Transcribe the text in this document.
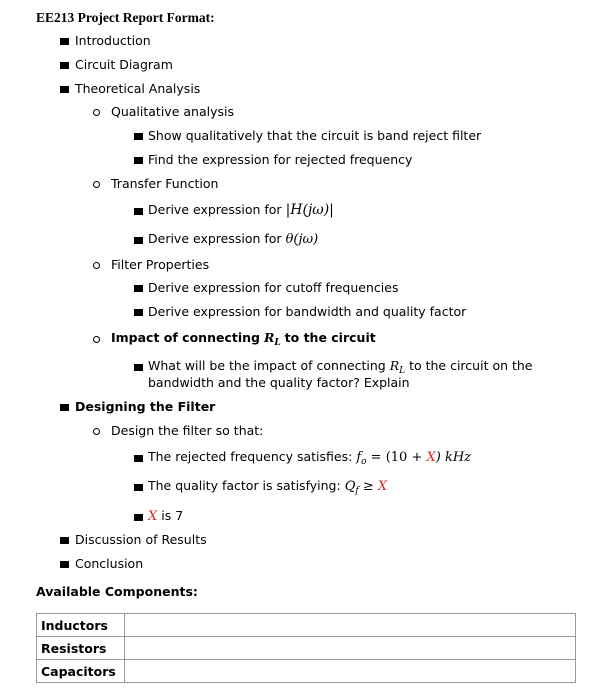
EE213 Project Report Format:
Introduction
Circuit Diagram
Theoretical Analysis
Qualitative analysis
Show qualitatively that the circuit is band reject filter
Find the expression for rejected frequency
Transfer Function
Derive expression for |H(jω)|
Derive expression for θ(jω)
Filter Properties
Derive expression for cutoff frequencies
Derive expression for bandwidth and quality factor
Impact of connecting $R_L$ to the circuit
What will be the impact of connecting $R_L$ to the circuit on the
bandwidth and the quality factor? Explain
Designing the Filter
Design the filter so that:
The rejected frequency satisfies: $f_o = (10 + X)$ kHz
The quality factor is satisfying: $Q_f \ge X$
X is 7
Discussion of Results
Conclusion
Available Components:
Inductors	
Resistors	
Capacitors	
